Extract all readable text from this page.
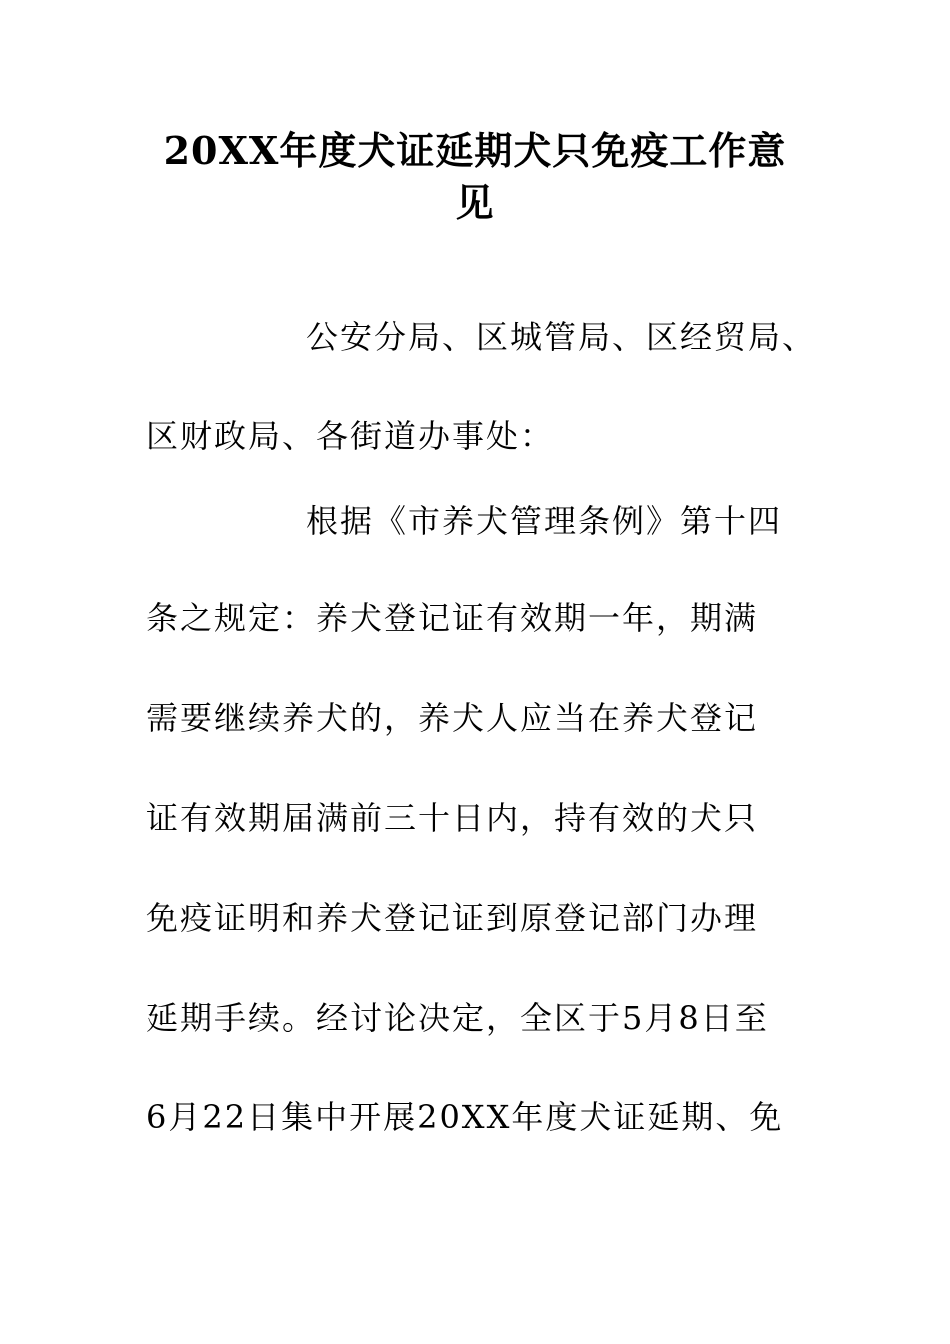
20XX年度犬证延期犬只免疫工作意
见
公安分局、区城管局、区经贸局、
区财政局、各街道办事处：
根据《市养犬管理条例》第十四
条之规定：养犬登记证有效期一年，期满
需要继续养犬的，养犬人应当在养犬登记
证有效期届满前三十日内，持有效的犬只
免疫证明和养犬登记证到原登记部门办理
延期手续。经讨论决定，全区于5月8日至
6月22日集中开展20XX年度犬证延期、免
